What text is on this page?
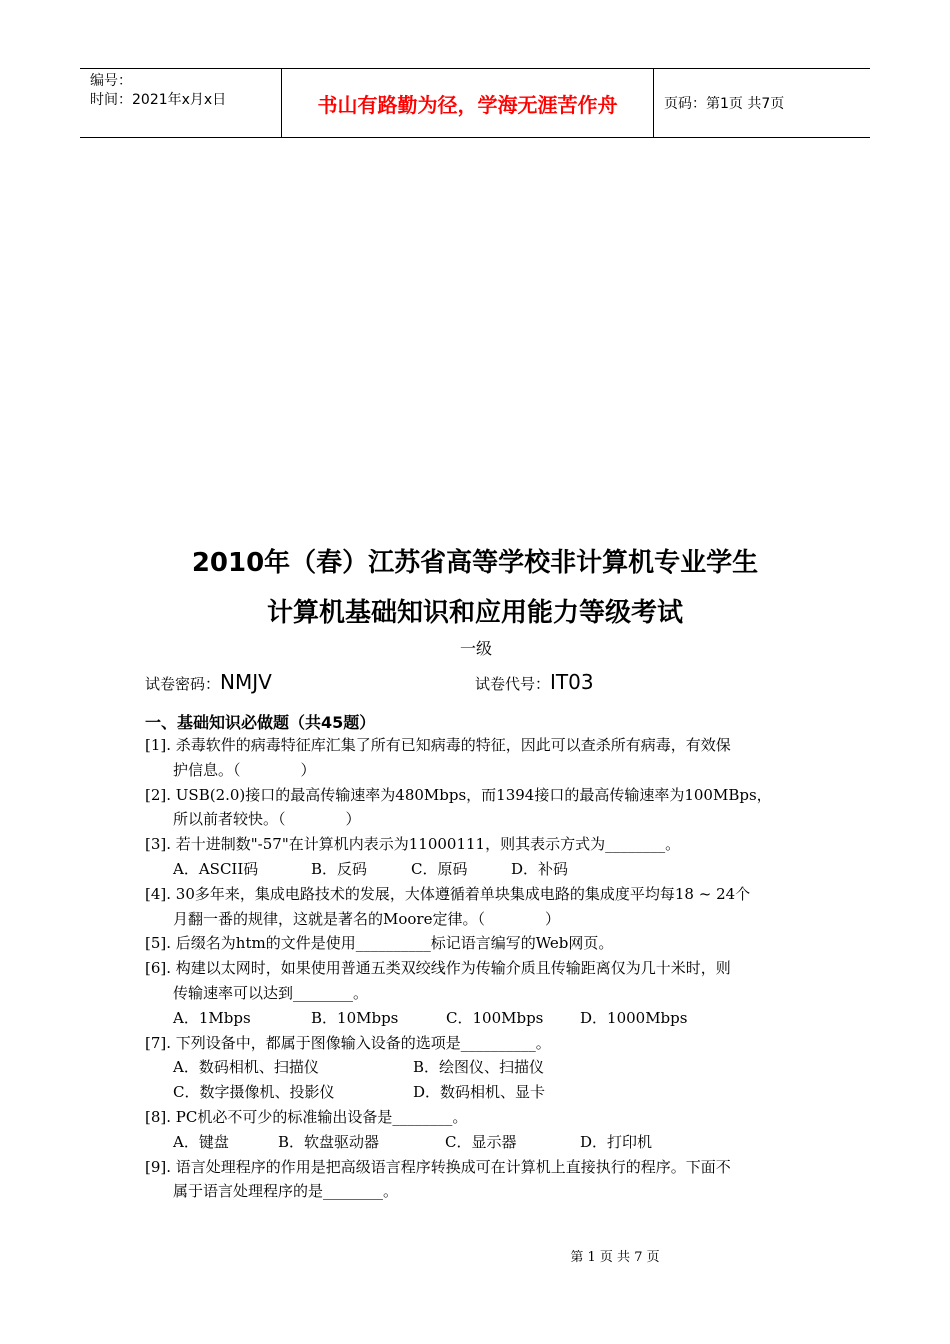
编号：
时间：2021年x月x日	书山有路勤为径，学海无涯苦作舟	页码：第1页 共7页
2010年（春）江苏省高等学校非计算机专业学生
计算机基础知识和应用能力等级考试
一级
试卷密码：NMJV	试卷代号：IT03
一、基础知识必做题（共45题）
[1]. 杀毒软件的病毒特征库汇集了所有已知病毒的特征，因此可以查杀所有病毒，有效保
护信息。（　　　　）
[2]. USB(2.0)接口的最高传输速率为480Mbps，而1394接口的最高传输速率为100MBps，
所以前者较快。（　　　　）
[3]. 若十进制数"-57"在计算机内表示为11000111，则其表示方式为________。
A．ASCII码	B．反码	C．原码	D．补码
[4]. 30多年来，集成电路技术的发展，大体遵循着单块集成电路的集成度平均每18 ~ 24个
月翻一番的规律，这就是著名的Moore定律。（　　　　）
[5]. 后缀名为htm的文件是使用__________标记语言编写的Web网页。
[6]. 构建以太网时，如果使用普通五类双绞线作为传输介质且传输距离仅为几十米时，则
传输速率可以达到________。
A．1Mbps	B．10Mbps	C．100Mbps D．1000Mbps
[7]. 下列设备中，都属于图像输入设备的选项是__________。
A．数码相机、扫描仪	B．绘图仪、扫描仪
C．数字摄像机、投影仪	D．数码相机、显卡
[8]. PC机必不可少的标准输出设备是________。
A．键盘	B．软盘驱动器	C．显示器	D．打印机
[9]. 语言处理程序的作用是把高级语言程序转换成可在计算机上直接执行的程序。下面不
属于语言处理程序的是________。
第 1 页 共 7 页
